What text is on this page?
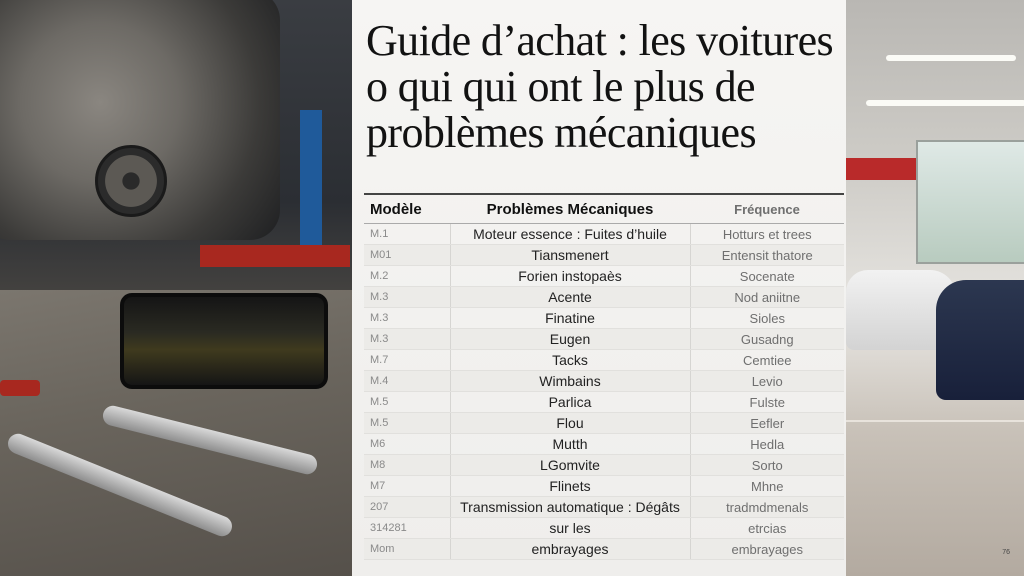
Guide d’achat : les voitures
o qui qui ont le plus de
problèmes mécaniques
Modèle	Problèmes Mécaniques	Fréquence
M.1	Moteur essence : Fuites d’huile	Hotturs et trees
M01	Tiansmenert	Entensit thatore
M.2	Forien instopaès	Socenate
M.3	Acente	Nod aniitne
M.3	Finatine	Sioles
M.3	Eugen	Gusadng
M.7	Tacks	Cemtiee
M.4	Wimbains	Levio
M.5	Parlica	Fulste
M.5	Flou	Eefler
M6	Mutth	Hedla
M8	LGomvite	Sorto
M7	Flinets	Mhne
207	Transmission automatique : Dégâts	tradmdmenals
314281	sur les	etrcias
Mom	embrayages	embrayages	76
